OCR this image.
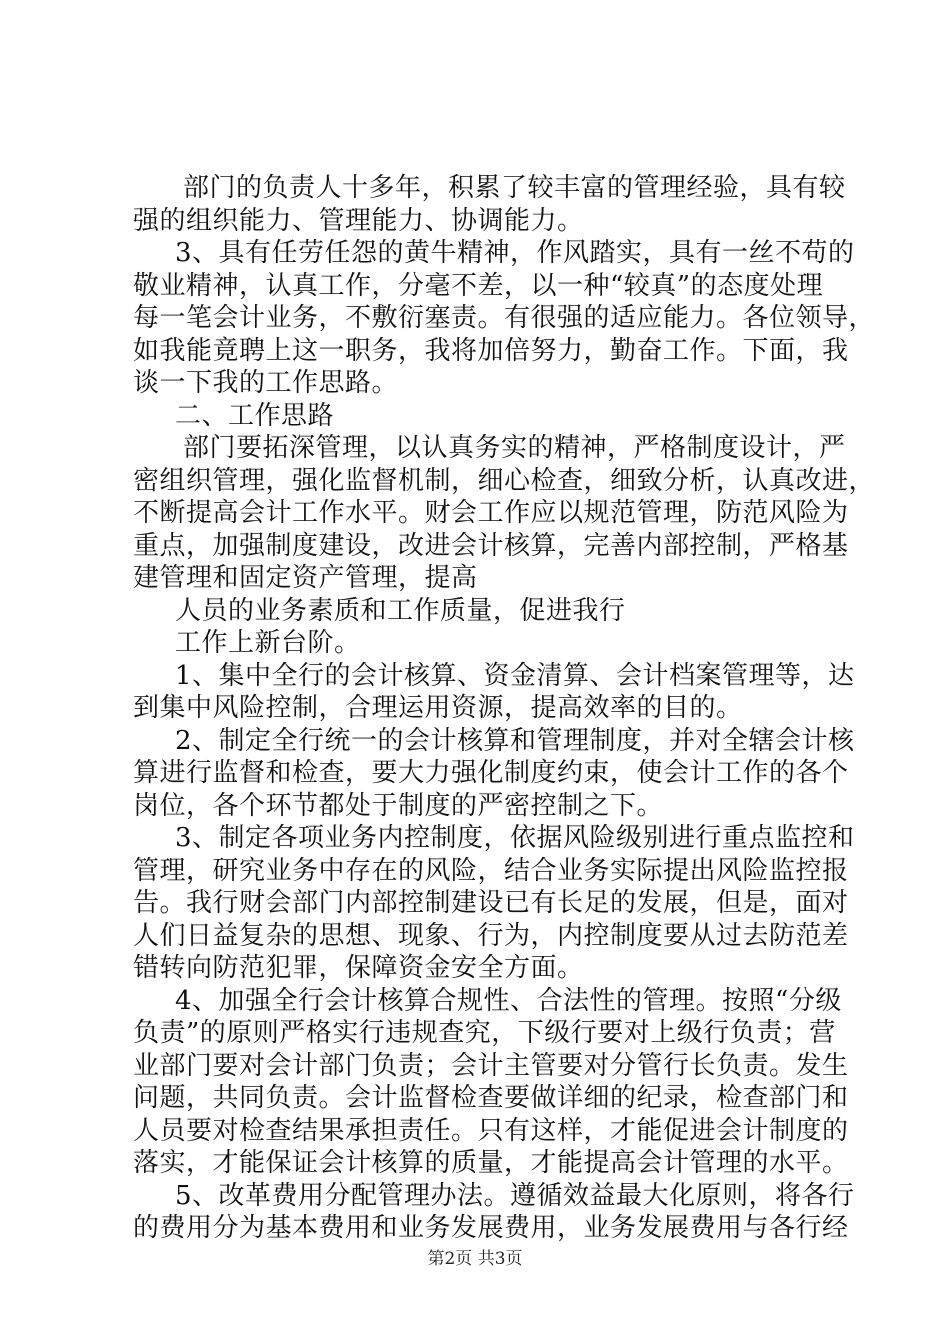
部门的负责人十多年，积累了较丰富的管理经验，具有较
强的组织能力、管理能力、协调能力。
3、具有任劳任怨的黄牛精神，作风踏实，具有一丝不苟的
敬业精神，认真工作，分毫不差，以一种“较真”的态度处理
每一笔会计业务，不敷衍塞责。有很强的适应能力。各位领导，
如我能竟聘上这一职务，我将加倍努力，勤奋工作。下面，我
谈一下我的工作思路。
二、工作思路
部门要拓深管理，以认真务实的精神，严格制度设计，严
密组织管理，强化监督机制，细心检查，细致分析，认真改进，
不断提高会计工作水平。财会工作应以规范管理，防范风险为
重点，加强制度建设，改进会计核算，完善内部控制，严格基
建管理和固定资产管理，提高
人员的业务素质和工作质量，促进我行
工作上新台阶。
1、集中全行的会计核算、资金清算、会计档案管理等，达
到集中风险控制，合理运用资源，提高效率的目的。
2、制定全行统一的会计核算和管理制度，并对全辖会计核
算进行监督和检查，要大力强化制度约束，使会计工作的各个
岗位，各个环节都处于制度的严密控制之下。
3、制定各项业务内控制度，依据风险级别进行重点监控和
管理，研究业务中存在的风险，结合业务实际提出风险监控报
告。我行财会部门内部控制建设已有长足的发展，但是，面对
人们日益复杂的思想、现象、行为，内控制度要从过去防范差
错转向防范犯罪，保障资金安全方面。
4、加强全行会计核算合规性、合法性的管理。按照“分级
负责”的原则严格实行违规查究，下级行要对上级行负责；营
业部门要对会计部门负责；会计主管要对分管行长负责。发生
问题，共同负责。会计监督检查要做详细的纪录，检查部门和
人员要对检查结果承担责任。只有这样，才能促进会计制度的
落实，才能保证会计核算的质量，才能提高会计管理的水平。
5、改革费用分配管理办法。遵循效益最大化原则，将各行
的费用分为基本费用和业务发展费用，业务发展费用与各行经
第2页 共3页
